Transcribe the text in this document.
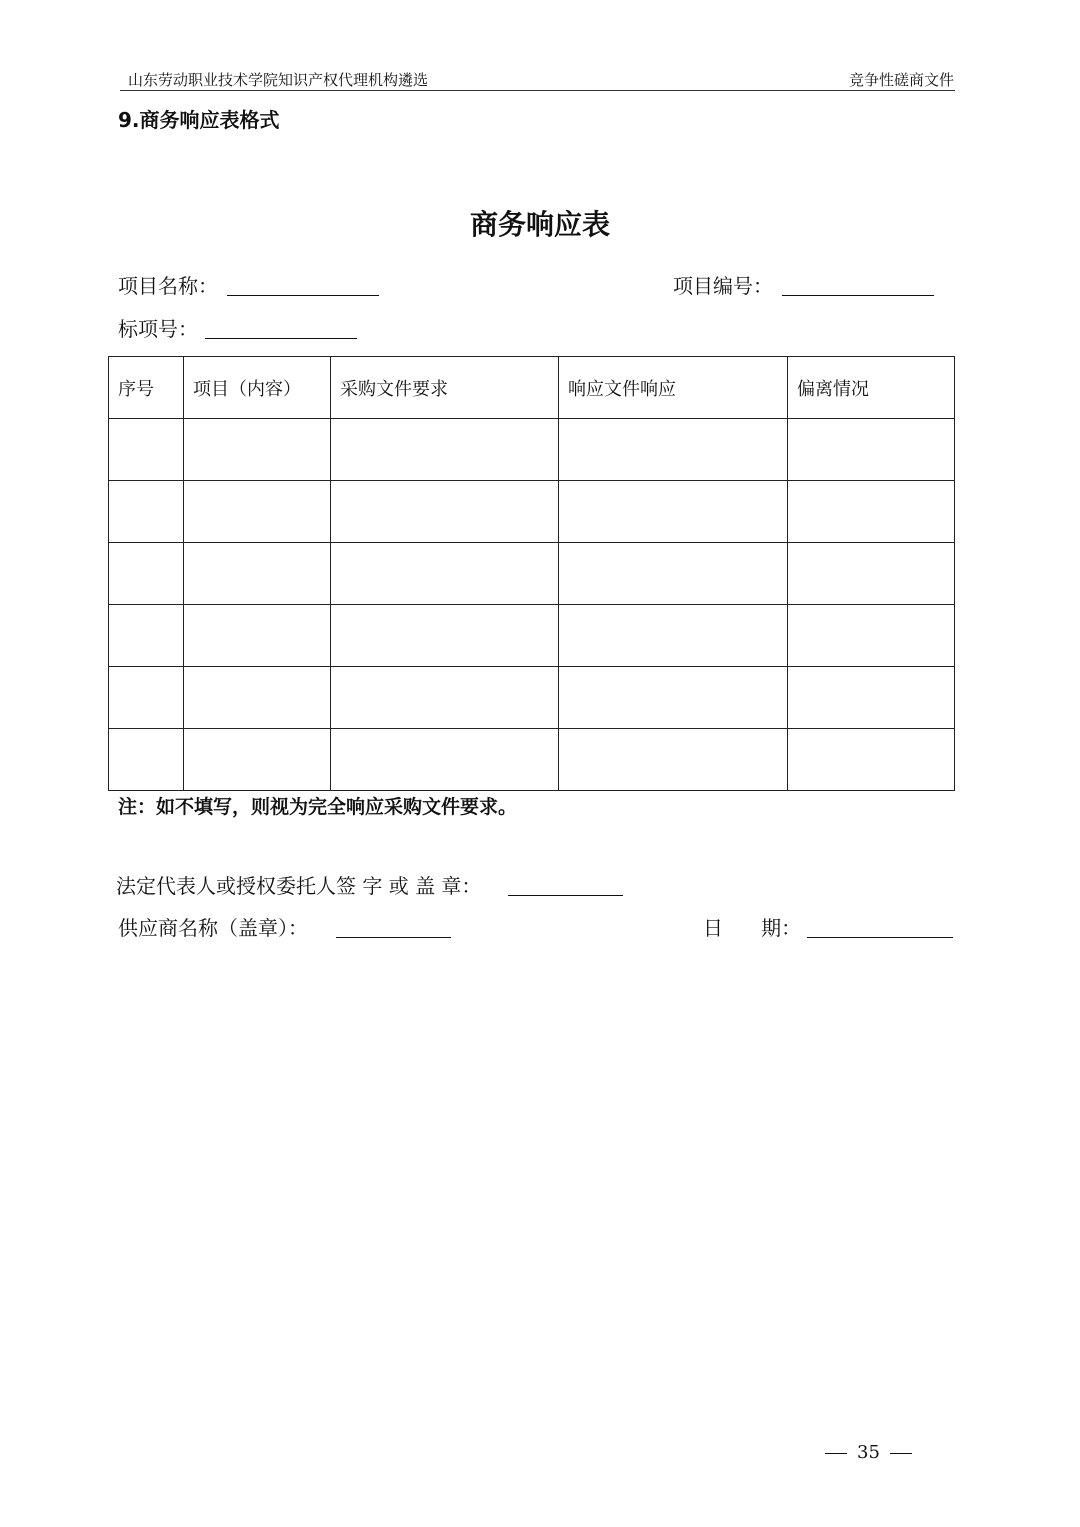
山东劳动职业技术学院知识产权代理机构遴选	竞争性磋商文件
9.商务响应表格式
商务响应表
项目名称：	项目编号：
标项号：
序号	项目（内容）	采购文件要求	响应文件响应	偏离情况

注：如不填写，则视为完全响应采购文件要求。
法定代表人或授权委托人签 字 或 盖 章：
供应商名称（盖章）：	日      期：
35
